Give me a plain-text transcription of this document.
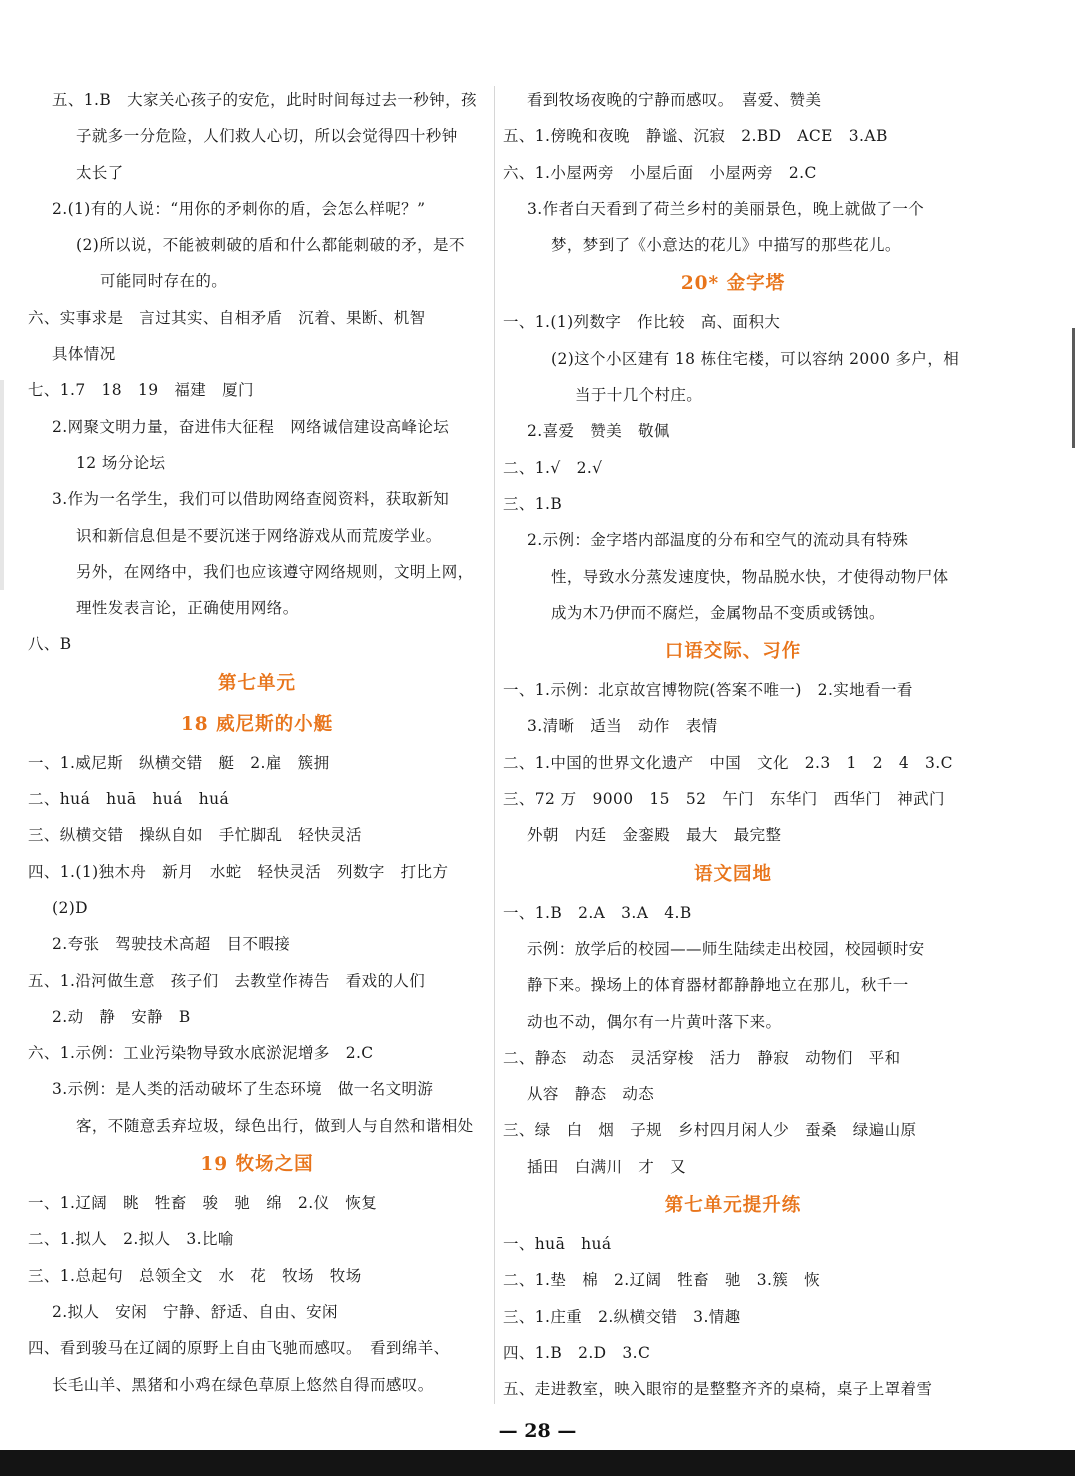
五、1.B　大家关心孩子的安危，此时时间每过去一秒钟，孩
子就多一分危险，人们救人心切，所以会觉得四十秒钟
太长了
2.(1)有的人说：“用你的矛刺你的盾，会怎么样呢？”
(2)所以说，不能被刺破的盾和什么都能刺破的矛，是不
可能同时存在的。
六、实事求是　言过其实、自相矛盾　沉着、果断、机智
具体情况
七、1.7　18　19　福建　厦门
2.网聚文明力量，奋进伟大征程　网络诚信建设高峰论坛
12 场分论坛
3.作为一名学生，我们可以借助网络查阅资料，获取新知
识和新信息但是不要沉迷于网络游戏从而荒废学业。
另外，在网络中，我们也应该遵守网络规则，文明上网，
理性发表言论，正确使用网络。
八、B
第七单元
18 威尼斯的小艇
一、1.威尼斯　纵横交错　艇　2.雇　簇拥
二、huá　huā　huá　huá
三、纵横交错　操纵自如　手忙脚乱　轻快灵活
四、1.(1)独木舟　新月　水蛇　轻快灵活　列数字　打比方
(2)D
2.夸张　驾驶技术高超　目不暇接
五、1.沿河做生意　孩子们　去教堂作祷告　看戏的人们
2.动　静　安静　B
六、1.示例：工业污染物导致水底淤泥增多　2.C
3.示例：是人类的活动破坏了生态环境　做一名文明游
客，不随意丢弃垃圾，绿色出行，做到人与自然和谐相处
19 牧场之国
一、1.辽阔　眺　牲畜　骏　驰　绵　2.仪　恢复
二、1.拟人　2.拟人　3.比喻
三、1.总起句　总领全文　水　花　牧场　牧场
2.拟人　安闲　宁静、舒适、自由、安闲
四、看到骏马在辽阔的原野上自由飞驰而感叹。　看到绵羊、
长毛山羊、黑猪和小鸡在绿色草原上悠然自得而感叹。
看到牧场夜晚的宁静而感叹。　喜爱、赞美
五、1.傍晚和夜晚　静谧、沉寂　2.BD　ACE　3.AB
六、1.小屋两旁　小屋后面　小屋两旁　2.C
3.作者白天看到了荷兰乡村的美丽景色，晚上就做了一个
梦，梦到了《小意达的花儿》中描写的那些花儿。
20* 金字塔
一、1.(1)列数字　作比较　高、面积大
(2)这个小区建有 18 栋住宅楼，可以容纳 2000 多户，相
当于十几个村庄。
2.喜爱　赞美　敬佩
二、1.√　2.√
三、1.B
2.示例：金字塔内部温度的分布和空气的流动具有特殊
性，导致水分蒸发速度快，物品脱水快，才使得动物尸体
成为木乃伊而不腐烂，金属物品不变质或锈蚀。
口语交际、习作
一、1.示例：北京故宫博物院(答案不唯一)　2.实地看一看
3.清晰　适当　动作　表情
二、1.中国的世界文化遗产　中国　文化　2.3　1　2　4　3.C
三、72 万　9000　15　52　午门　东华门　西华门　神武门
外朝　内廷　金銮殿　最大　最完整
语文园地
一、1.B　2.A　3.A　4.B
示例：放学后的校园——师生陆续走出校园，校园顿时安
静下来。操场上的体育器材都静静地立在那儿，秋千一
动也不动，偶尔有一片黄叶落下来。
二、静态　动态　灵活穿梭　活力　静寂　动物们　平和
从容　静态　动态
三、绿　白　烟　子规　乡村四月闲人少　蚕桑　绿遍山原
插田　白满川　才　又
第七单元提升练
一、huā　huá
二、1.垫　棉　2.辽阔　牲畜　驰　3.簇　恢
三、1.庄重　2.纵横交错　3.情趣
四、1.B　2.D　3.C
五、走进教室，映入眼帘的是整整齐齐的桌椅，桌子上罩着雪
— 28 —
